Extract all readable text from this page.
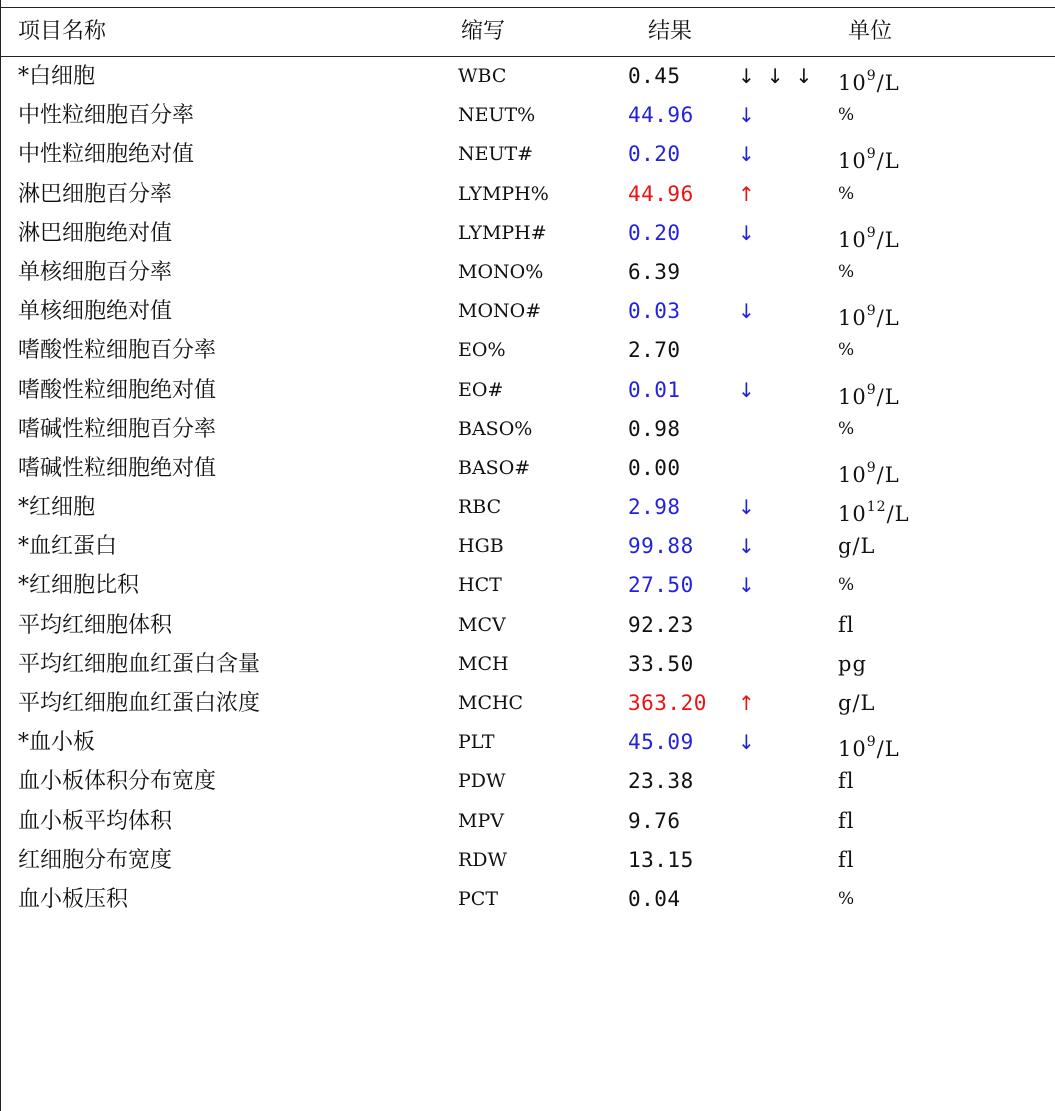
项目名称	缩写	结果	单位
*白细胞	WBC	0.45	↓↓↓ $10^9/L$
中性粒细胞百分率	NEUT%	44.96 ↓	%
中性粒细胞绝对值	NEUT#	0.20	↓	$10^9/L$
淋巴细胞百分率	LYMPH%	44.96 ↑	%
淋巴细胞绝对值	LYMPH#	0.20	↓	$10^9/L$
单核细胞百分率	MONO%	6.39	%
单核细胞绝对值	MONO#	0.03	↓	$10^9/L$
嗜酸性粒细胞百分率	EO%	2.70	%
嗜酸性粒细胞绝对值	EO#	0.01	↓	$10^9/L$
嗜碱性粒细胞百分率	BASO%	0.98	%
嗜碱性粒细胞绝对值	BASO#	0.00	$10^9/L$
*红细胞	RBC	2.98	↓	$10^{12}/L$
*血红蛋白	HGB	99.88 ↓	g/L
*红细胞比积	HCT	27.50 ↓	%
平均红细胞体积	MCV	92.23	fl
平均红细胞血红蛋白含量	MCH	33.50	pg
平均红细胞血红蛋白浓度	MCHC	363.20 ↑	g/L
*血小板	PLT	45.09 ↓	$10^9/L$
血小板体积分布宽度	PDW	23.38	fl
血小板平均体积	MPV	9.76	fl
红细胞分布宽度	RDW	13.15	fl
血小板压积	PCT	0.04	%
